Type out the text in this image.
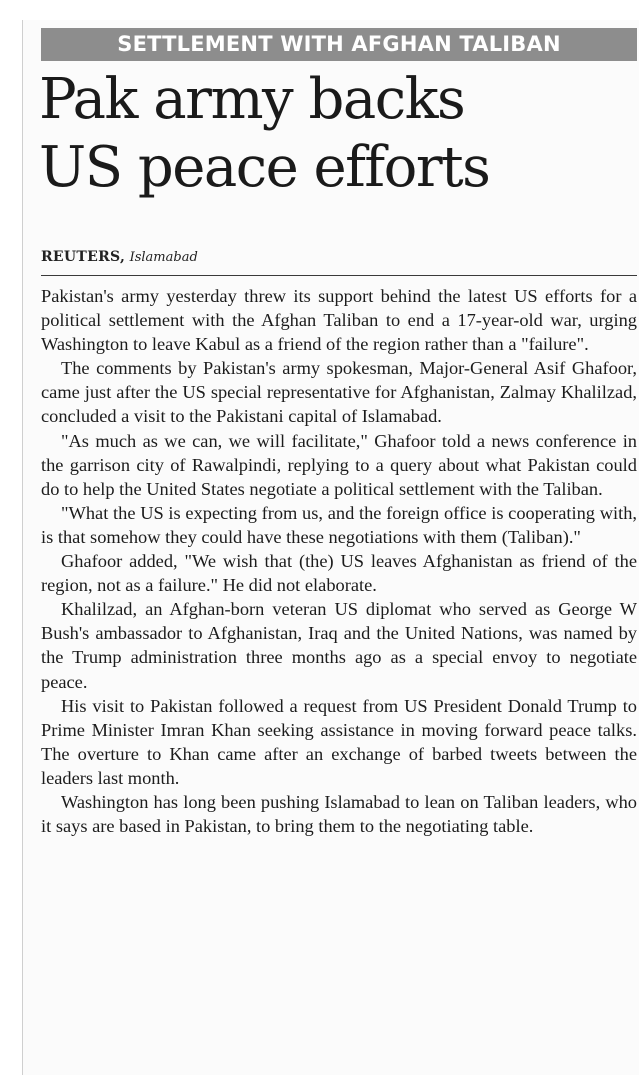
SETTLEMENT WITH AFGHAN TALIBAN
Pak army backs
US peace efforts
REUTERS, Islamabad

Pakistan's army yesterday threw its support behind the latest US efforts for a political settlement with the Afghan Taliban to end a 17-year-old war, urging Washington to leave Kabul as a friend of the region rather than a "failure".

The comments by Pakistan's army spokesman, Major-General Asif Ghafoor, came just after the US special representative for Afghanistan, Zalmay Khalilzad, concluded a visit to the Pakistani capital of Islamabad.

"As much as we can, we will facilitate," Ghafoor told a news conference in the garrison city of Rawalpindi, replying to a query about what Pakistan could do to help the United States negotiate a political settlement with the Taliban.

"What the US is expecting from us, and the foreign office is cooperating with, is that somehow they could have these negotiations with them (Taliban)."

Ghafoor added, "We wish that (the) US leaves Afghanistan as friend of the region, not as a failure." He did not elaborate.

Khalilzad, an Afghan-born veteran US diplomat who served as George W Bush's ambassador to Afghanistan, Iraq and the United Nations, was named by the Trump administration three months ago as a special envoy to negotiate peace.

His visit to Pakistan followed a request from US President Donald Trump to Prime Minister Imran Khan seeking assistance in moving forward peace talks. The overture to Khan came after an exchange of barbed tweets between the leaders last month.

Washington has long been pushing Islamabad to lean on Taliban leaders, who it says are based in Pakistan, to bring them to the negotiating table.
